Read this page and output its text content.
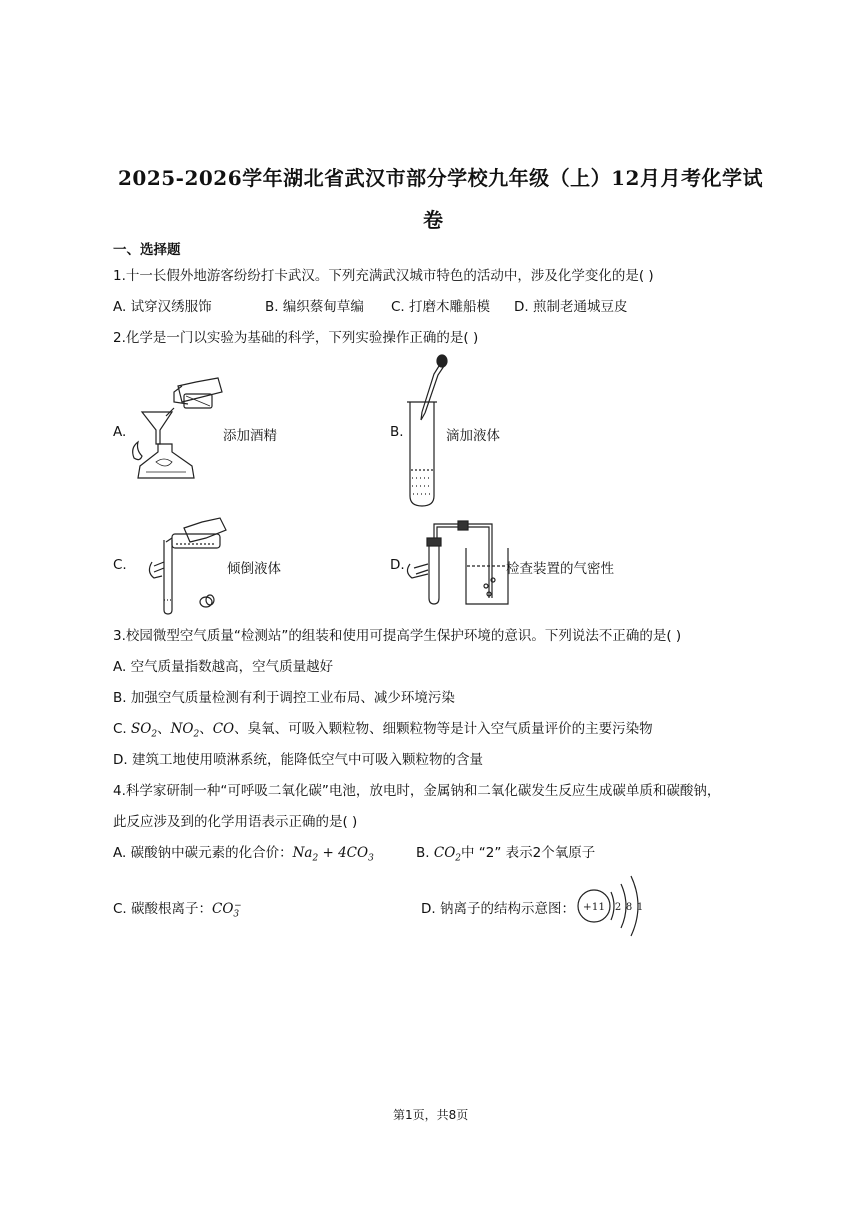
2025-2026学年湖北省武汉市部分学校九年级（上）12月月考化学试
卷
一、选择题
1.十一长假外地游客纷纷打卡武汉。下列充满武汉城市特色的活动中，涉及化学变化的是( )
A. 试穿汉绣服饰	B. 编织蔡甸草编 C. 打磨木雕船模 D. 煎制老通城豆皮
2.化学是一门以实验为基础的科学，下列实验操作正确的是( )
A.	添加酒精	B.	滴加液体
C.	倾倒液体	D.	检查装置的气密性
3.校园微型空气质量“检测站”的组装和使用可提高学生保护环境的意识。下列说法不正确的是( )
A. 空气质量指数越高，空气质量越好
B. 加强空气质量检测有利于调控工业布局、减少环境污染
C. $SO_2$、$NO_2$、CO、臭氧、可吸入颗粒物、细颗粒物等是计入空气质量评价的主要污染物
D. 建筑工地使用喷淋系统，能降低空气中可吸入颗粒物的含量
4.科学家研制一种“可呼吸二氧化碳”电池，放电时，金属钠和二氧化碳发生反应生成碳单质和碳酸钠，
此反应涉及到的化学用语表示正确的是( )
A. 碳酸钠中碳元素的化合价：$Na_2 + 4CO_3$	B. $CO_2$中 “2” 表示2个氧原子
C. 碳酸根离子：$CO_3^-$	D. 钠离子的结构示意图： +11 2 8 1
第1页，共8页
